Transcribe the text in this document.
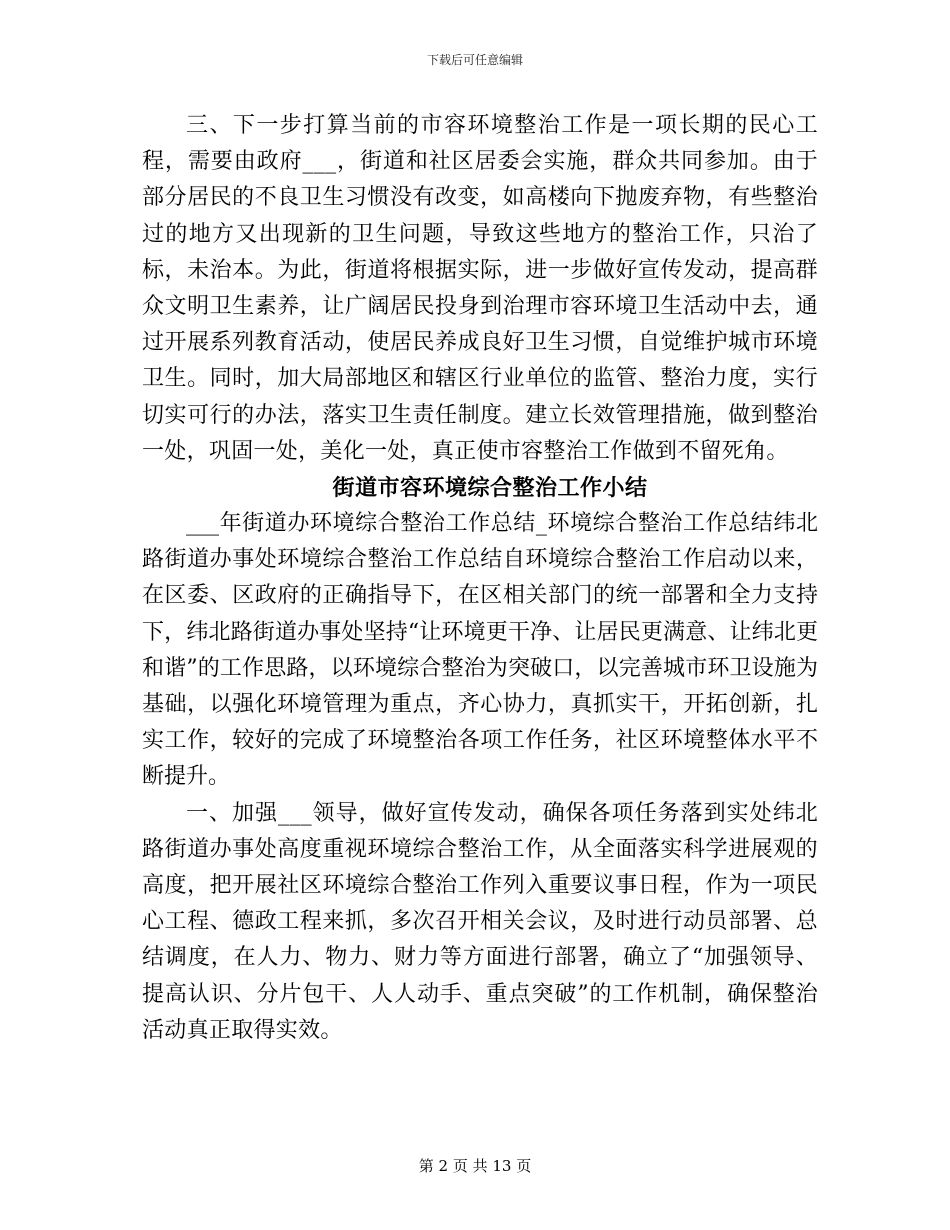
下载后可任意编辑

三、下一步打算当前的市容环境整治工作是一项长期的民心工程，需要由政府___，街道和社区居委会实施，群众共同参加。由于部分居民的不良卫生习惯没有改变，如高楼向下抛废弃物，有些整治过的地方又出现新的卫生问题，导致这些地方的整治工作，只治了标，未治本。为此，街道将根据实际，进一步做好宣传发动，提高群众文明卫生素养，让广阔居民投身到治理市容环境卫生活动中去，通过开展系列教育活动，使居民养成良好卫生习惯，自觉维护城市环境卫生。同时，加大局部地区和辖区行业单位的监管、整治力度，实行切实可行的办法，落实卫生责任制度。建立长效管理措施，做到整治一处，巩固一处，美化一处，真正使市容整治工作做到不留死角。

街道市容环境综合整治工作小结

___年街道办环境综合整治工作总结_环境综合整治工作总结纬北路街道办事处环境综合整治工作总结自环境综合整治工作启动以来，在区委、区政府的正确指导下，在区相关部门的统一部署和全力支持下，纬北路街道办事处坚持“让环境更干净、让居民更满意、让纬北更和谐”的工作思路，以环境综合整治为突破口，以完善城市环卫设施为基础，以强化环境管理为重点，齐心协力，真抓实干，开拓创新，扎实工作，较好的完成了环境整治各项工作任务，社区环境整体水平不断提升。

一、加强___领导，做好宣传发动，确保各项任务落到实处纬北路街道办事处高度重视环境综合整治工作，从全面落实科学进展观的高度，把开展社区环境综合整治工作列入重要议事日程，作为一项民心工程、德政工程来抓，多次召开相关会议，及时进行动员部署、总结调度，在人力、物力、财力等方面进行部署，确立了“加强领导、提高认识、分片包干、人人动手、重点突破”的工作机制，确保整治活动真正取得实效。

第 2 页 共 13 页
